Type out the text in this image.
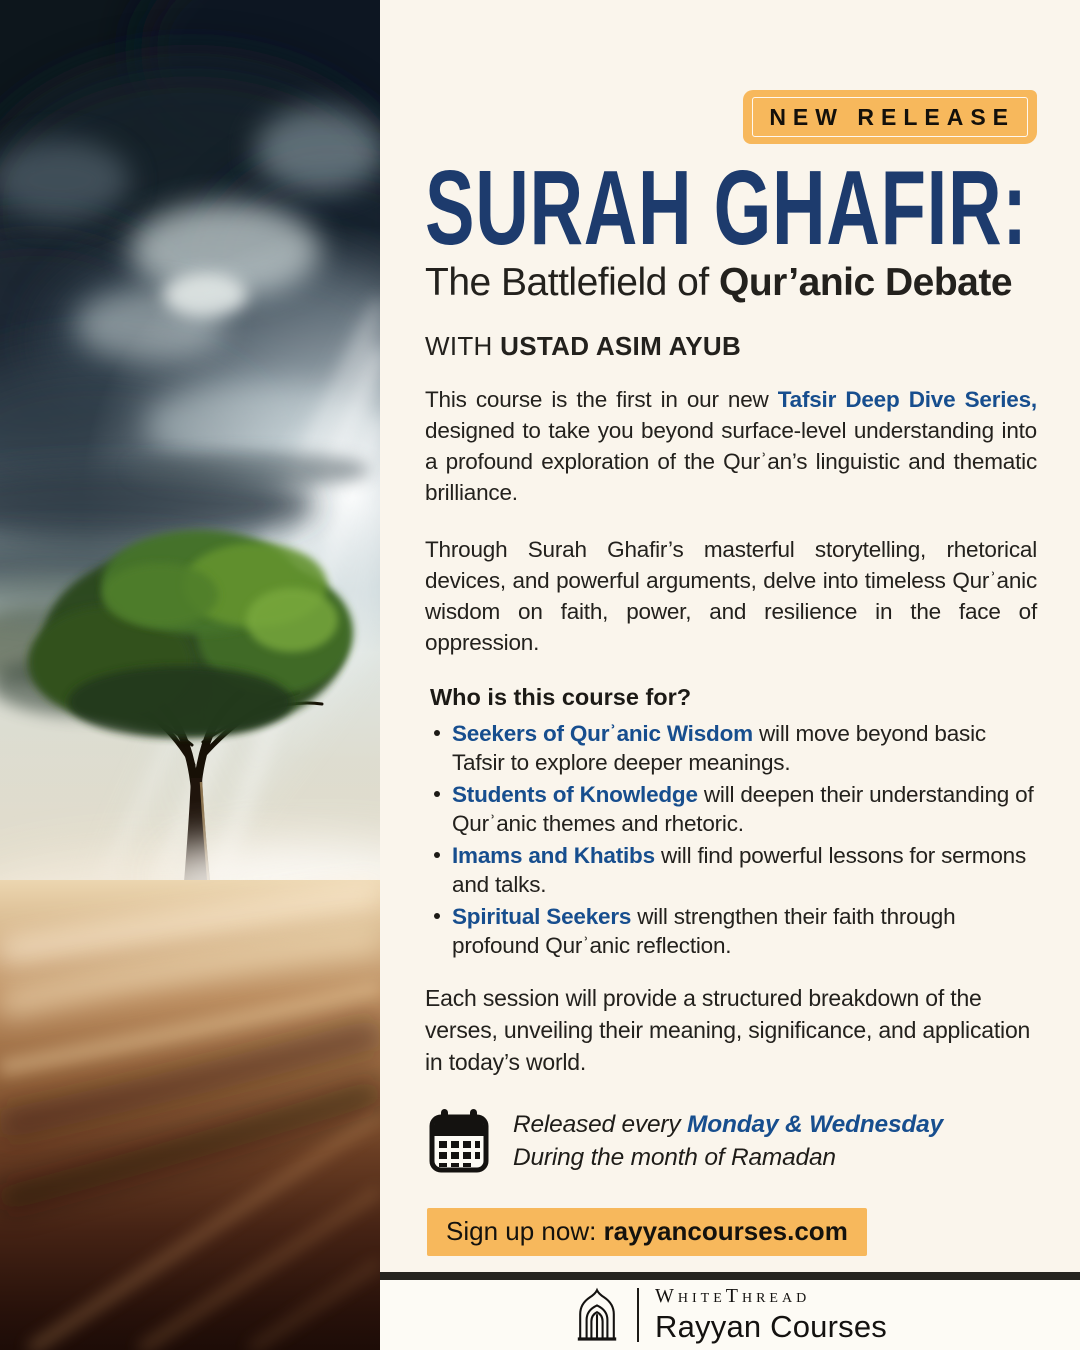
NEW RELEASE
SURAH GHAFIR:
The Battlefield of Qur’anic Debate
WITH USTAD ASIM AYUB

This course is the first in our new Tafsir Deep Dive Series, designed to take you beyond surface-level understanding into a profound exploration of the Qurʾan’s linguistic and thematic brilliance.

Through Surah Ghafir’s masterful storytelling, rhetorical devices, and powerful arguments, delve into timeless Qurʾanic wisdom on faith, power, and resilience in the face of oppression.

Who is this course for?
Seekers of Qurʾanic Wisdom will move beyond basic Tafsir to explore deeper meanings.
Students of Knowledge will deepen their understanding of Qurʾanic themes and rhetoric.
Imams and Khatibs will find powerful lessons for sermons and talks.
Spiritual Seekers will strengthen their faith through profound Qurʾanic reflection.

Each session will provide a structured breakdown of the verses, unveiling their meaning, significance, and application in today’s world.

Released every Monday & Wednesday
During the month of Ramadan
Sign up now: rayyancourses.com
WhiteThread
Rayyan Courses
